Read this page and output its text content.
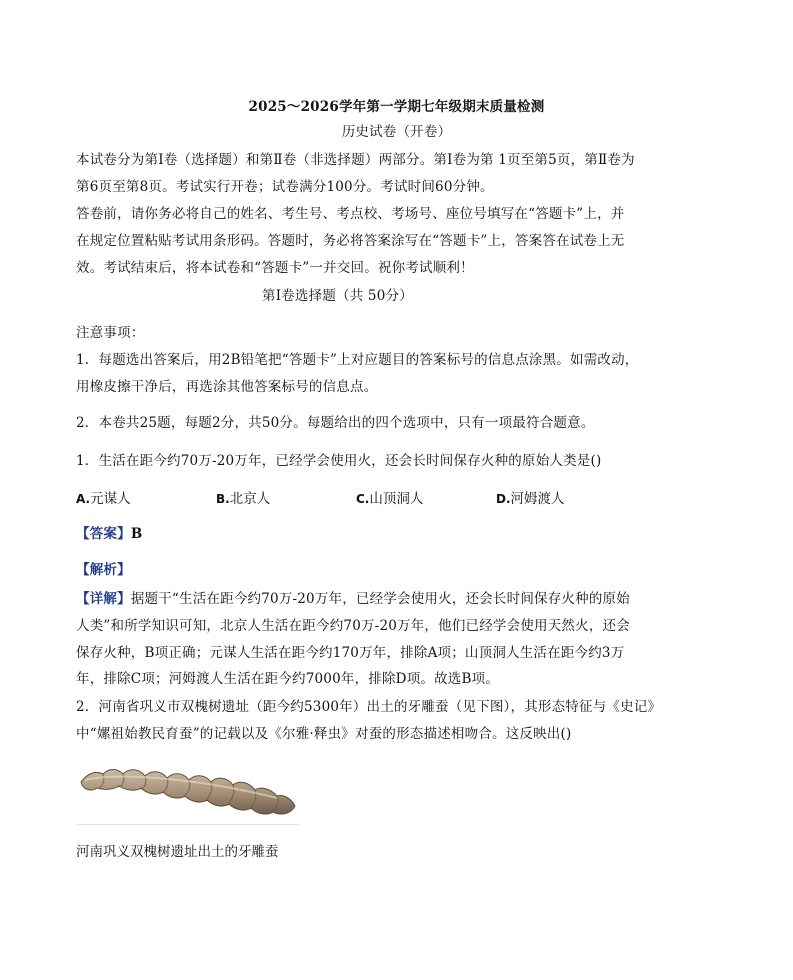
2025～2026学年第一学期七年级期末质量检测
历史试卷（开卷）
本试卷分为第Ⅰ卷（选择题）和第Ⅱ卷（非选择题）两部分。第Ⅰ卷为第 1页至第5页，第Ⅱ卷为
第6页至第8页。考试实行开卷；试卷满分100分。考试时间60分钟。
答卷前，请你务必将自己的姓名、考生号、考点校、考场号、座位号填写在“答题卡”上，并
在规定位置粘贴考试用条形码。答题时，务必将答案涂写在“答题卡”上，答案答在试卷上无
效。考试结束后，将本试卷和“答题卡”一并交回。祝你考试顺利！
第Ⅰ卷选择题（共 50分）
注意事项：
1．每题选出答案后，用2B铅笔把“答题卡”上对应题目的答案标号的信息点涂黑。如需改动，
用橡皮擦干净后，再选涂其他答案标号的信息点。
2．本卷共25题，每题2分，共50分。每题给出的四个选项中，只有一项最符合题意。
1．生活在距今约70万-20万年，已经学会使用火，还会长时间保存火种的原始人类是()
A.元谋人	B.北京人	C.山顶洞人	D.河姆渡人
【答案】B
【解析】
【详解】据题干“生活在距今约70万-20万年，已经学会使用火，还会长时间保存火种的原始
人类”和所学知识可知，北京人生活在距今约70万-20万年，他们已经学会使用天然火，还会
保存火种，B项正确；元谋人生活在距今约170万年，排除A项；山顶洞人生活在距今约3万
年，排除C项；河姆渡人生活在距今约7000年，排除D项。故选B项。
2．河南省巩义市双槐树遗址（距今约5300年）出土的牙雕蚕（见下图），其形态特征与《史记》
中“嫘祖始教民育蚕”的记载以及《尔雅·释虫》对蚕的形态描述相吻合。这反映出()
河南巩义双槐树遗址出土的牙雕蚕
